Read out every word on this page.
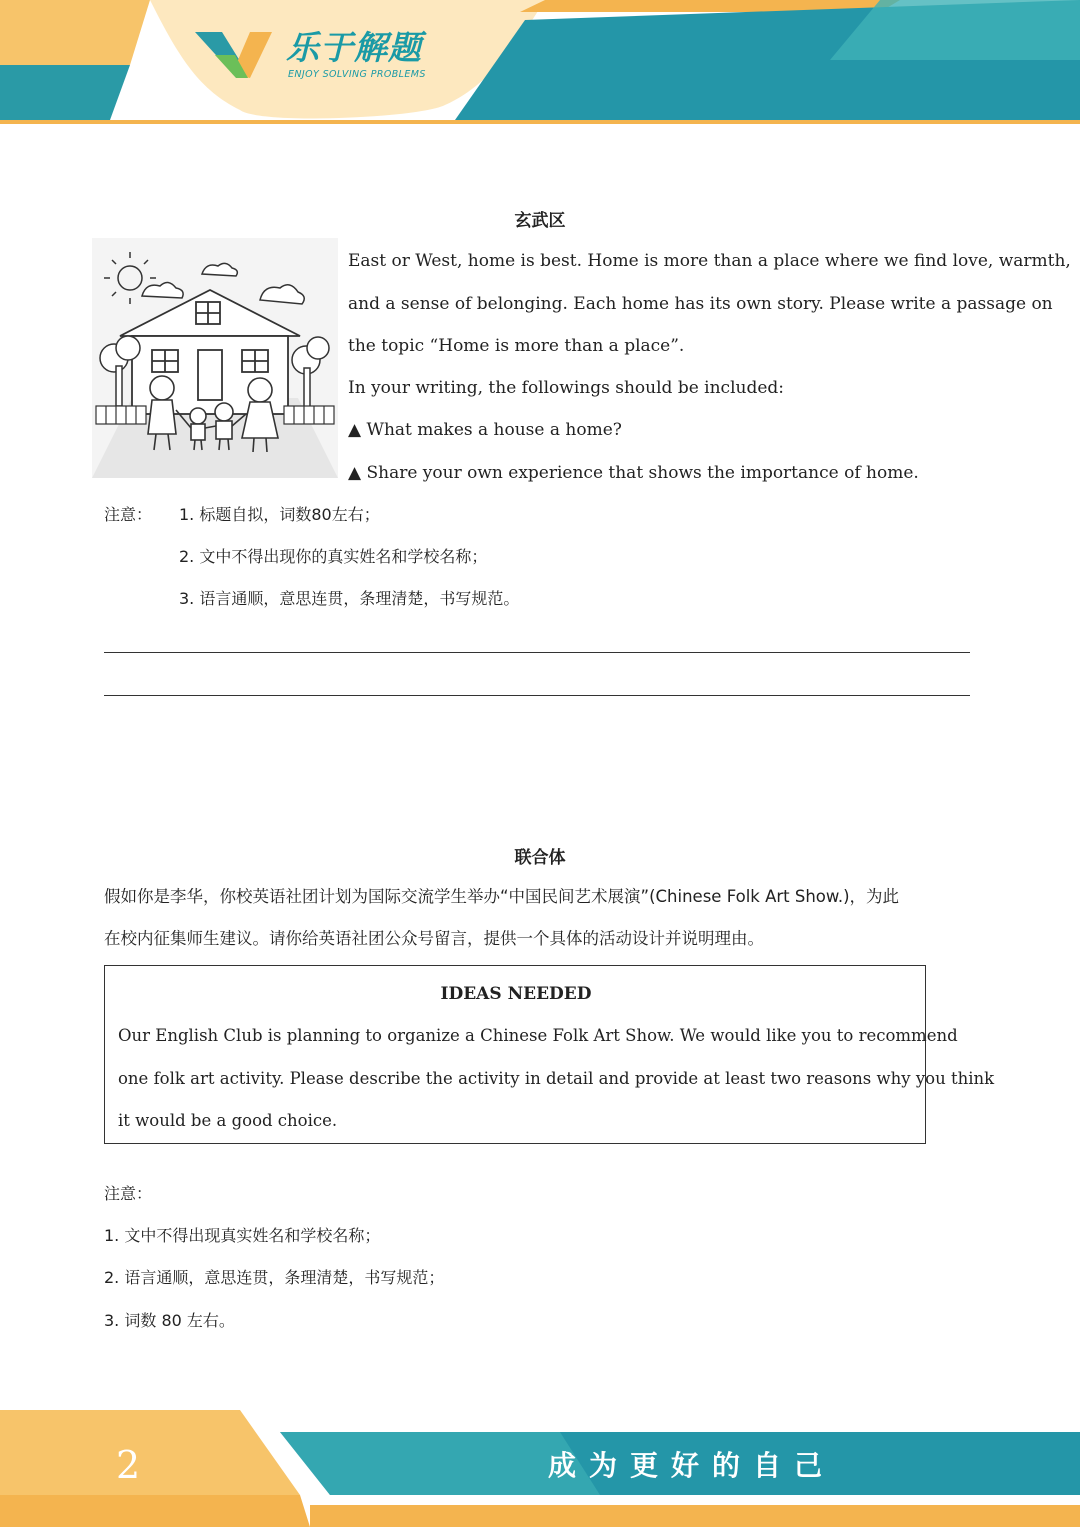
乐于解题
ENJOY SOLVING PROBLEMS
玄武区
East or West, home is best. Home is more than a place where we find love, warmth,
and a sense of belonging. Each home has its own story. Please write a passage on
the topic “Home is more than a place”.
In your writing, the followings should be included:
▲ What makes a house a home?
▲ Share your own experience that shows the importance of home.
注意： 1. 标题自拟，词数80左右；
2. 文中不得出现你的真实姓名和学校名称；
3. 语言通顺，意思连贯，条理清楚，书写规范。
联合体
假如你是李华，你校英语社团计划为国际交流学生举办“中国民间艺术展演”(Chinese Folk Art Show.)，为此
在校内征集师生建议。请你给英语社团公众号留言，提供一个具体的活动设计并说明理由。
IDEAS NEEDED
Our English Club is planning to organize a Chinese Folk Art Show. We would like you to recommend
one folk art activity. Please describe the activity in detail and provide at least two reasons why you think
it would be a good choice.
注意：
1. 文中不得出现真实姓名和学校名称；
2. 语言通顺，意思连贯，条理清楚，书写规范；
3. 词数 80 左右。
2	成为更好的自己
